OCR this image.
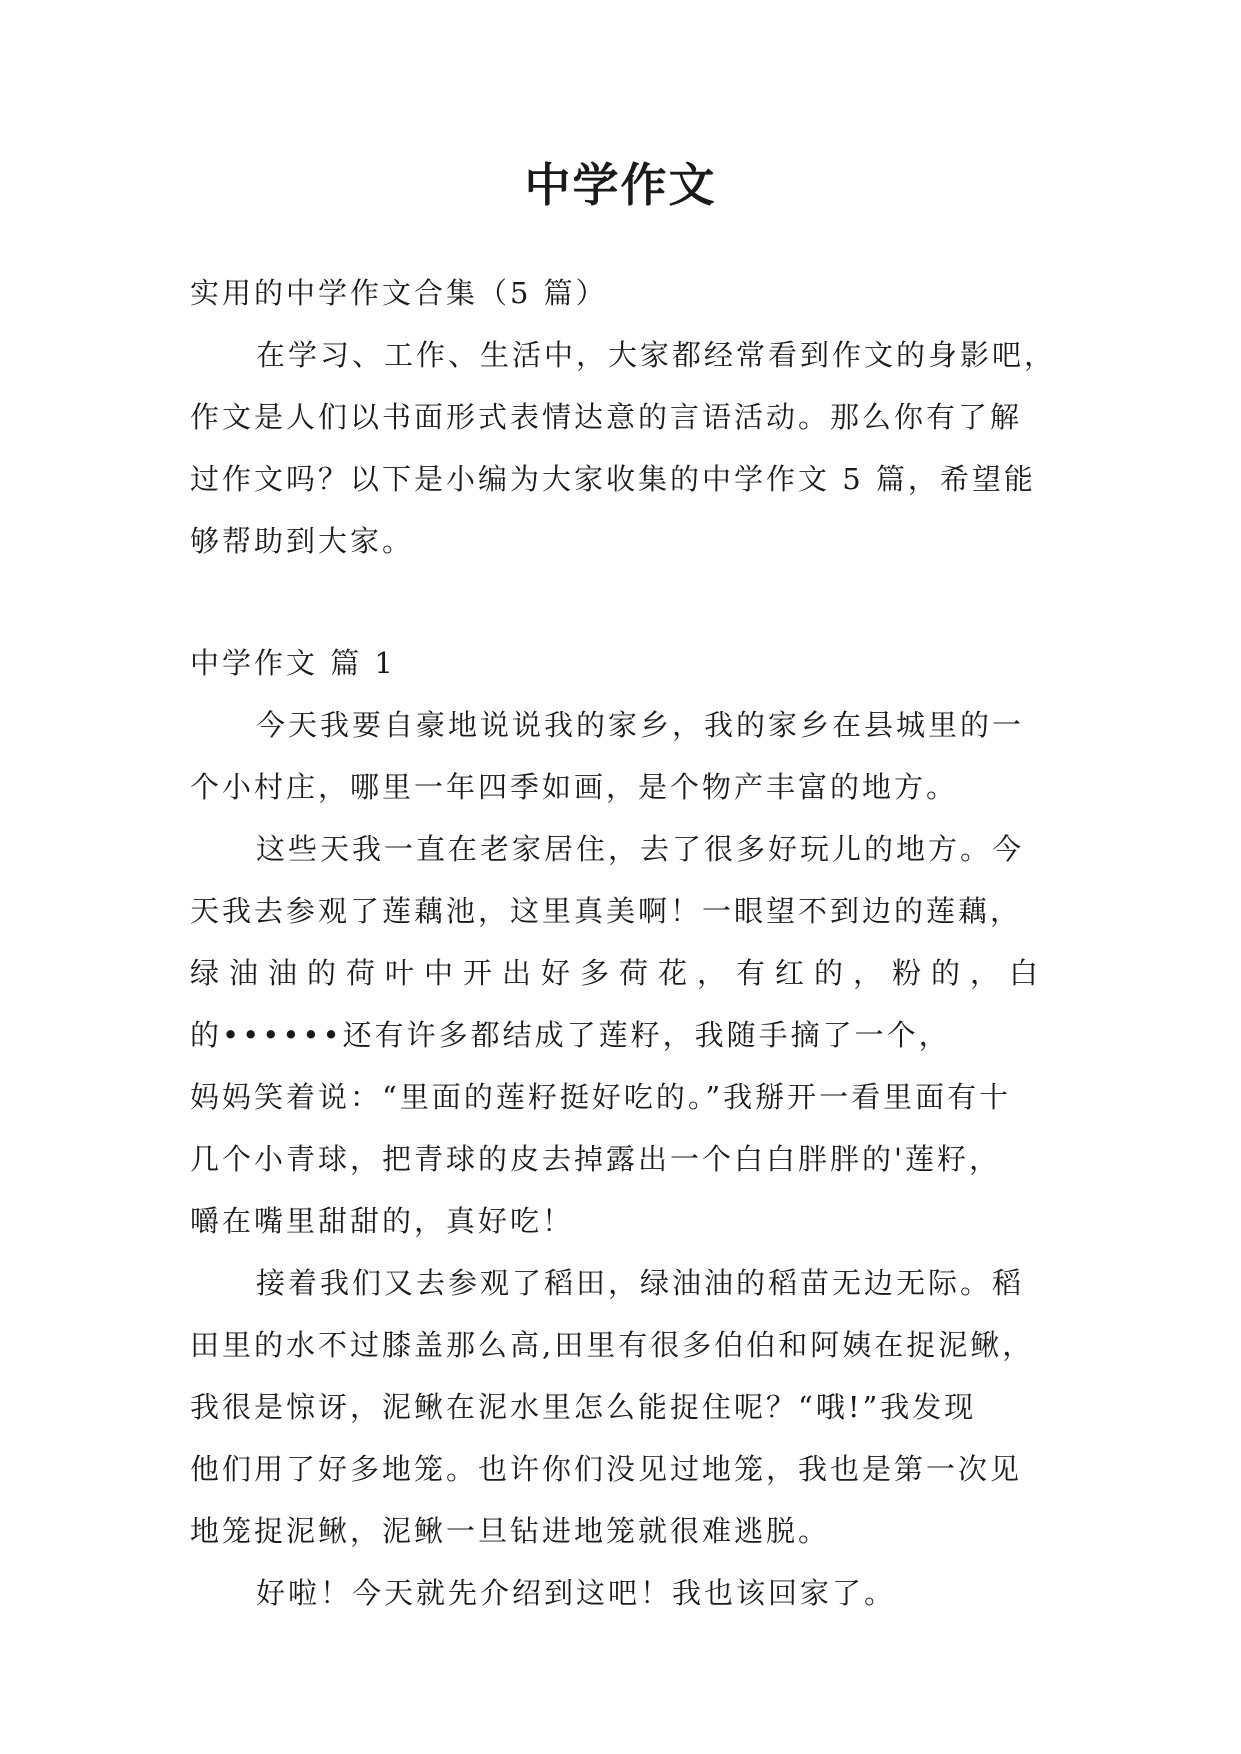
中学作文
实用的中学作文合集（5 篇）
在学习、工作、生活中，大家都经常看到作文的身影吧，
作文是人们以书面形式表情达意的言语活动。那么你有了解
过作文吗？以下是小编为大家收集的中学作文 5 篇，希望能
够帮助到大家。
中学作文 篇 1
今天我要自豪地说说我的家乡，我的家乡在县城里的一
个小村庄，哪里一年四季如画，是个物产丰富的地方。
这些天我一直在老家居住，去了很多好玩儿的地方。今
天我去参观了莲藕池，这里真美啊！一眼望不到边的莲藕，
绿油油的荷叶中开出好多荷花，有红的，粉的，白
的••••••还有许多都结成了莲籽，我随手摘了一个，
妈妈笑着说：“里面的莲籽挺好吃的。”我掰开一看里面有十
几个小青球，把青球的皮去掉露出一个白白胖胖的'莲籽，
嚼在嘴里甜甜的，真好吃！
接着我们又去参观了稻田，绿油油的稻苗无边无际。稻
田里的水不过膝盖那么高,田里有很多伯伯和阿姨在捉泥鳅，
我很是惊讶，泥鳅在泥水里怎么能捉住呢？“哦!”我发现
他们用了好多地笼。也许你们没见过地笼，我也是第一次见
地笼捉泥鳅，泥鳅一旦钻进地笼就很难逃脱。
好啦！今天就先介绍到这吧！我也该回家了。
